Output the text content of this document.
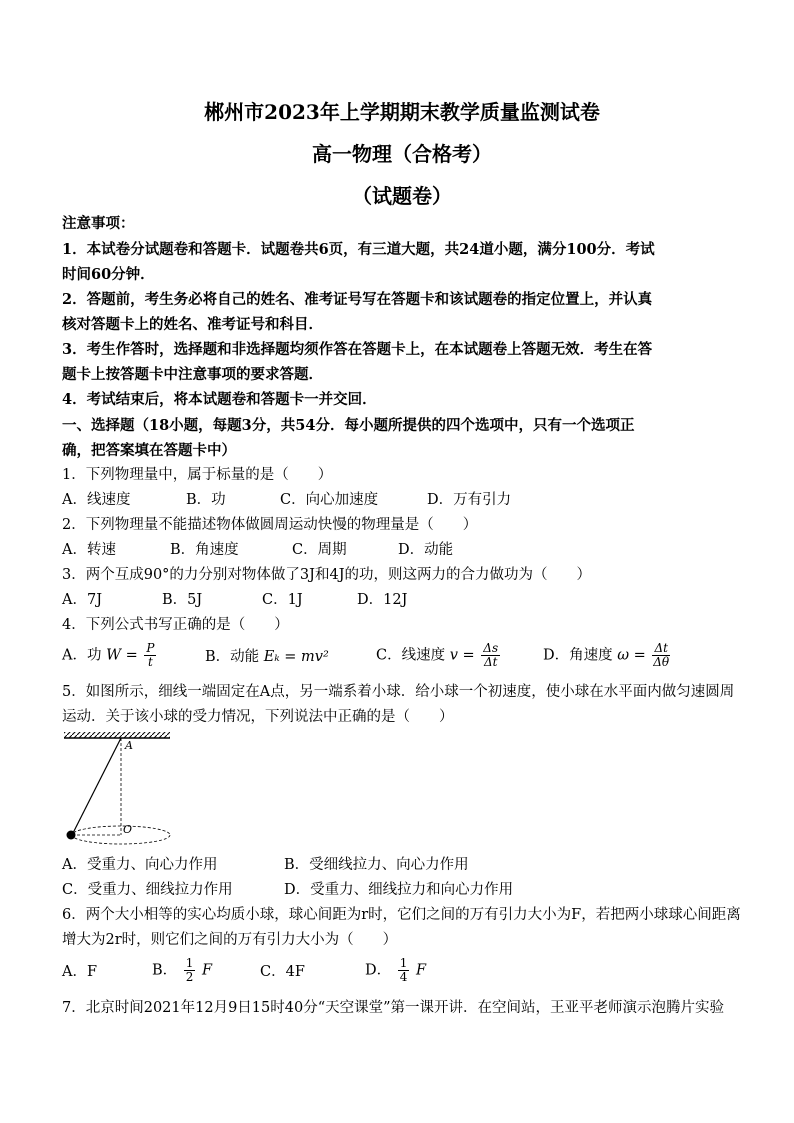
郴州市2023年上学期期末教学质量监测试卷
高一物理（合格考）
（试题卷）
注意事项：
1．本试卷分试题卷和答题卡．试题卷共6页，有三道大题，共24道小题，满分100分．考试
时间60分钟．
2．答题前，考生务必将自己的姓名、准考证号写在答题卡和该试题卷的指定位置上，并认真
核对答题卡上的姓名、准考证号和科目．
3．考生作答时，选择题和非选择题均须作答在答题卡上，在本试题卷上答题无效．考生在答
题卡上按答题卡中注意事项的要求答题．
4．考试结束后，将本试题卷和答题卡一并交回．
一、选择题（18小题，每题3分，共54分．每小题所提供的四个选项中，只有一个选项正
确，把答案填在答题卡中）
1．下列物理量中，属于标量的是（　　）
A．线速度	B．功	C．向心加速度	D．万有引力
2．下列物理量不能描述物体做圆周运动快慢的物理量是（　　）
A．转速	B．角速度	C．周期	D．动能
3．两个互成90°的力分别对物体做了3J和4J的功，则这两力的合力做功为（　　）
A．7J	B．5J	C．1J	D．12J
4．下列公式书写正确的是（　　）
A．功 $W = \frac{P}{t}$	B．动能 Eₖ = mv²	C．线速度 $v = \frac{\Delta s}{\Delta t}$	D．角速度 $\omega = \frac{\Delta t}{\Delta\theta}$
5．如图所示，细线一端固定在A点，另一端系着小球．给小球一个初速度，使小球在水平面内做匀速圆周
运动．关于该小球的受力情况，下列说法中正确的是（　　）
A
O
A．受重力、向心力作用	B．受细线拉力、向心力作用
C．受重力、细线拉力作用	D．受重力、细线拉力和向心力作用
6．两个大小相等的实心均质小球，球心间距为r时，它们之间的万有引力大小为F，若把两小球球心间距离
增大为2r时，则它们之间的万有引力大小为（　　）
A．F	B． $\frac{1}{2}$ F	C．4F	D． $\frac{1}{4}$ F
7．北京时间2021年12月9日15时40分“天空课堂”第一课开讲．在空间站，王亚平老师演示泡腾片实验
